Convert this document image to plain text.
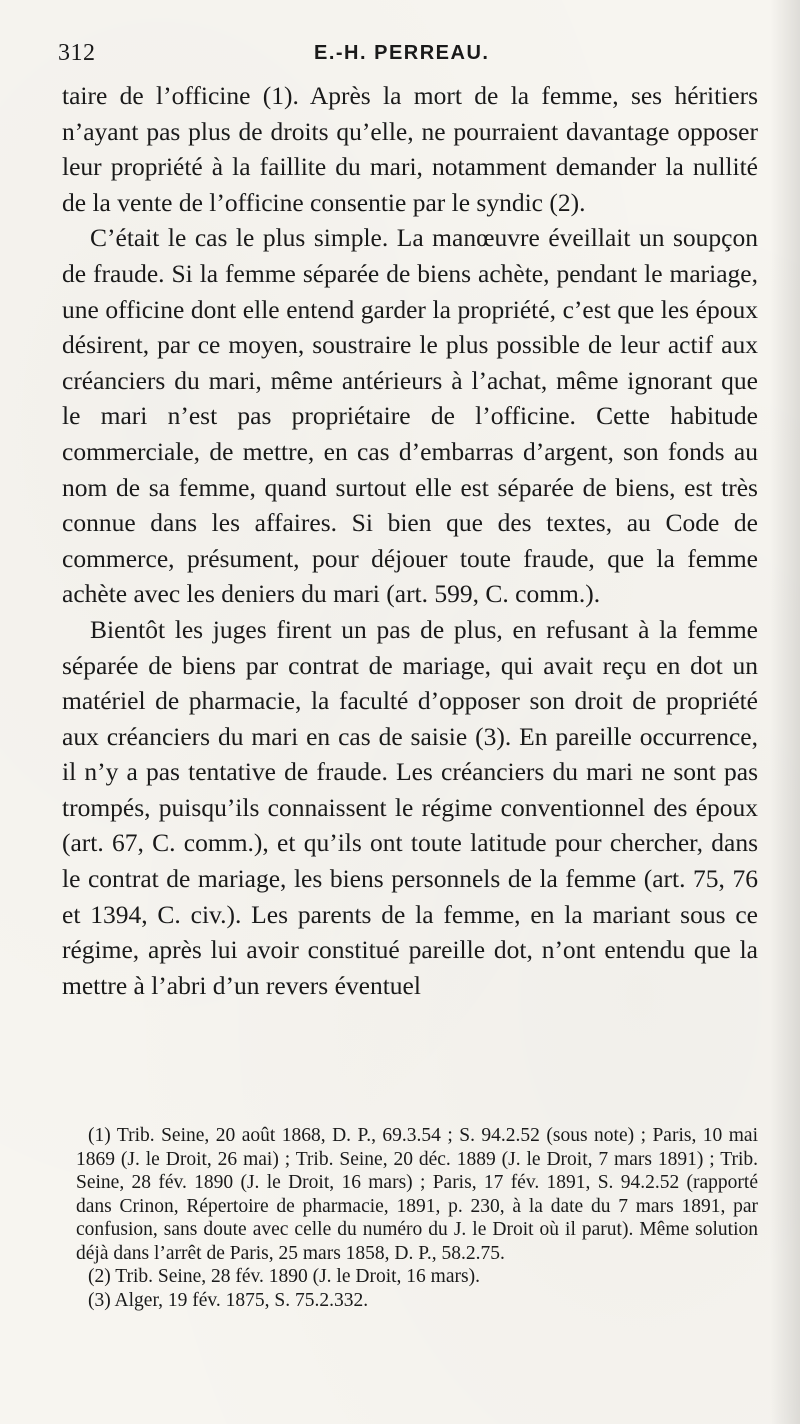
312	E.-H. PERREAU.

taire de l’officine (1). Après la mort de la femme, ses héritiers n’ayant pas plus de droits qu’elle, ne pourraient davantage opposer leur propriété à la faillite du mari, notamment demander la nullité de la vente de l’officine consentie par le syndic (2).

C’était le cas le plus simple. La manœuvre éveillait un soupçon de fraude. Si la femme séparée de biens achète, pendant le mariage, une officine dont elle entend garder la propriété, c’est que les époux désirent, par ce moyen, soustraire le plus possible de leur actif aux créanciers du mari, même antérieurs à l’achat, même ignorant que le mari n’est pas propriétaire de l’officine. Cette habitude commerciale, de mettre, en cas d’embarras d’argent, son fonds au nom de sa femme, quand surtout elle est séparée de biens, est très connue dans les affaires. Si bien que des textes, au Code de commerce, présument, pour déjouer toute fraude, que la femme achète avec les deniers du mari (art. 599, C. comm.).

Bientôt les juges firent un pas de plus, en refusant à la femme séparée de biens par contrat de mariage, qui avait reçu en dot un matériel de pharmacie, la faculté d’opposer son droit de propriété aux créanciers du mari en cas de saisie (3). En pareille occurrence, il n’y a pas tentative de fraude. Les créanciers du mari ne sont pas trompés, puisqu’ils connaissent le régime conventionnel des époux (art. 67, C. comm.), et qu’ils ont toute latitude pour chercher, dans le contrat de mariage, les biens personnels de la femme (art. 75, 76 et 1394, C. civ.). Les parents de la femme, en la mariant sous ce régime, après lui avoir constitué pareille dot, n’ont entendu que la mettre à l’abri d’un revers éventuel

(1) Trib. Seine, 20 août 1868, D. P., 69.3.54 ; S. 94.2.52 (sous note) ; Paris, 10 mai 1869 (J. le Droit, 26 mai) ; Trib. Seine, 20 déc. 1889 (J. le Droit, 7 mars 1891) ; Trib. Seine, 28 fév. 1890 (J. le Droit, 16 mars) ; Paris, 17 fév. 1891, S. 94.2.52 (rapporté dans Crinon, Répertoire de pharmacie, 1891, p. 230, à la date du 7 mars 1891, par confusion, sans doute avec celle du numéro du J. le Droit où il parut). Même solution déjà dans l’arrêt de Paris, 25 mars 1858, D. P., 58.2.75.

(2) Trib. Seine, 28 fév. 1890 (J. le Droit, 16 mars).

(3) Alger, 19 fév. 1875, S. 75.2.332.
